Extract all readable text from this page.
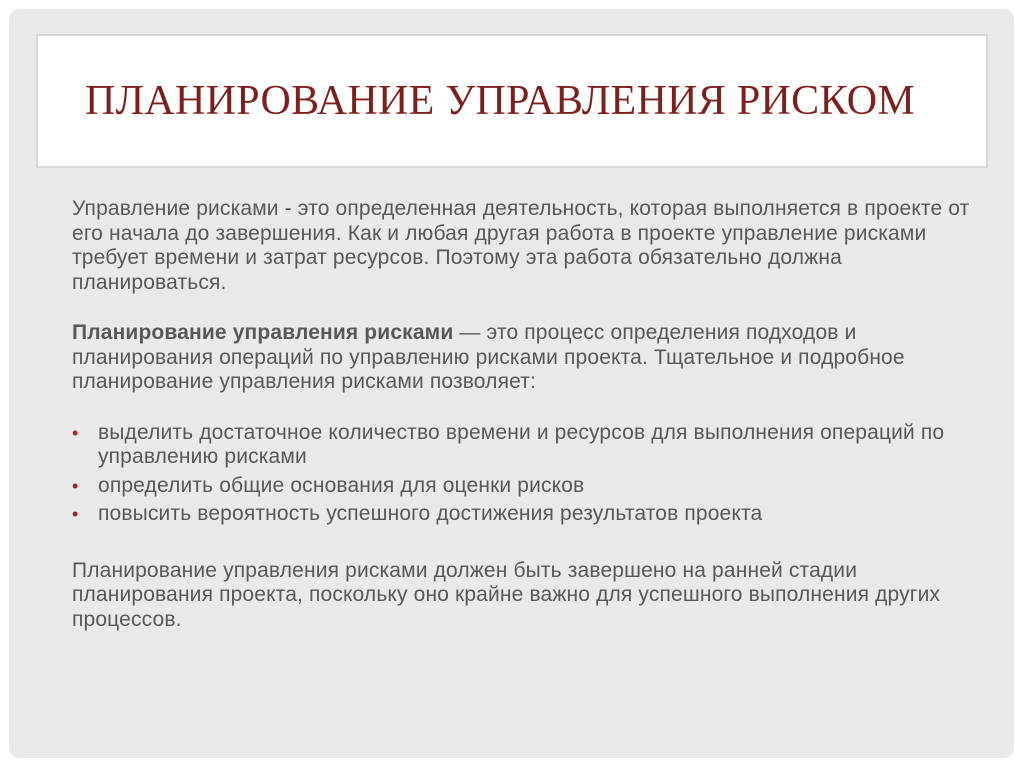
ПЛАНИРОВАНИЕ УПРАВЛЕНИЯ РИСКОМ

Управление рисками - это определенная деятельность, которая выполняется в проекте от его начала до завершения. Как и любая другая работа в проекте управление рисками требует времени и затрат ресурсов. Поэтому эта работа обязательно должна планироваться.

Планирование управления рисками — это процесс определения подходов и планирования операций по управлению рисками проекта. Тщательное и подробное планирование управления рисками позволяет:

• выделить достаточное количество времени и ресурсов для выполнения операций по управлению рисками
• определить общие основания для оценки рисков
• повысить вероятность успешного достижения результатов проекта

Планирование управления рисками должен быть завершено на ранней стадии планирования проекта, поскольку оно крайне важно для успешного выполнения других процессов.
